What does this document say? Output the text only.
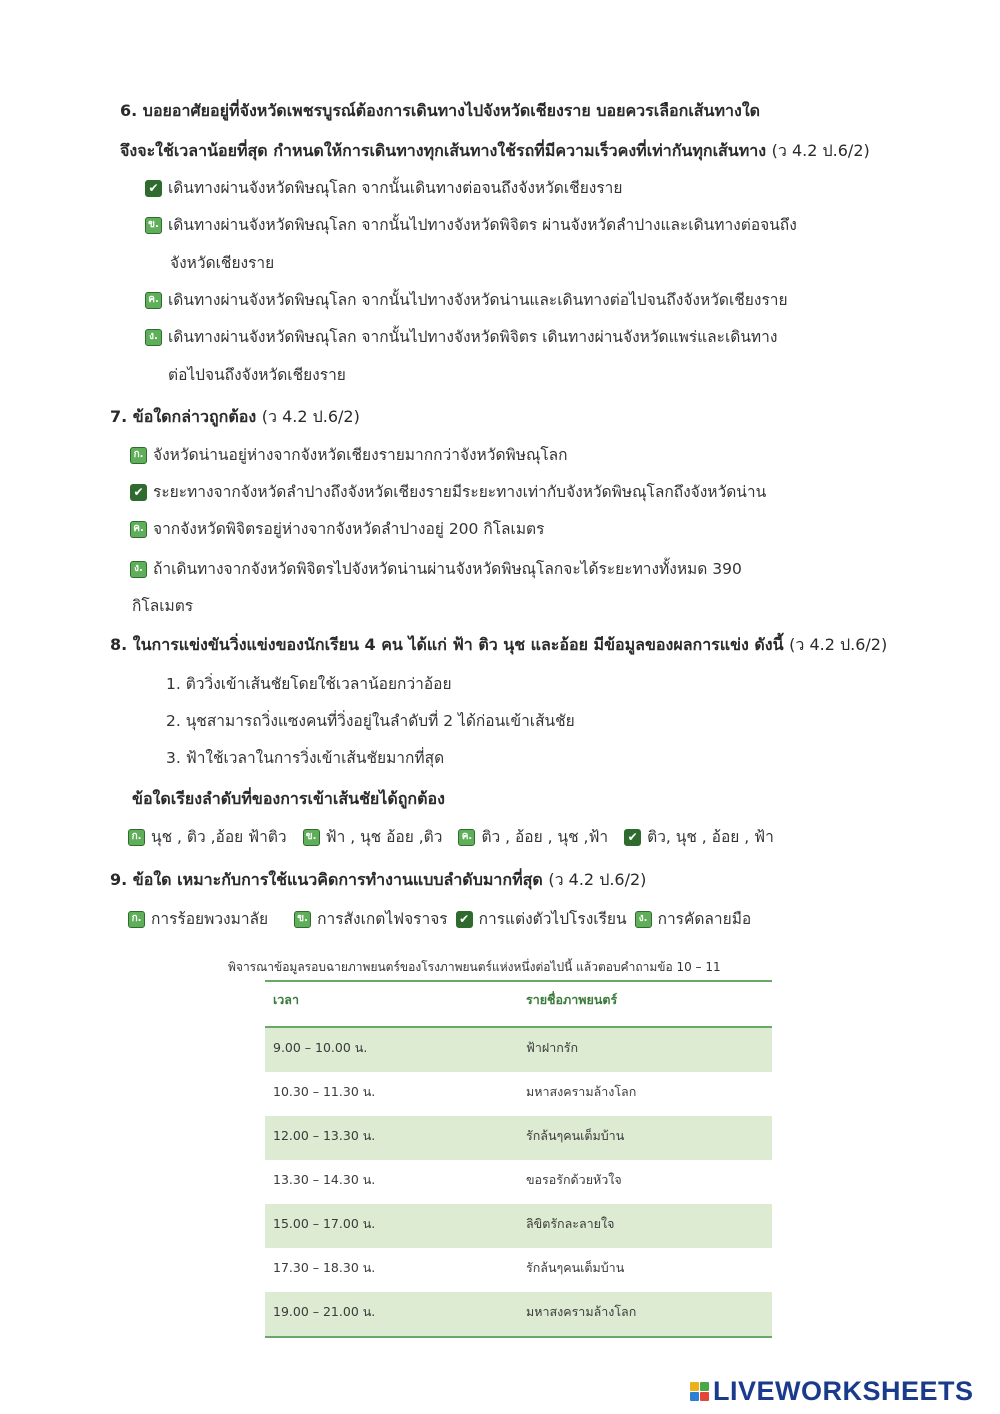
6. บอยอาศัยอยู่ที่จังหวัดเพชรบูรณ์ต้องการเดินทางไปจังหวัดเชียงราย บอยควรเลือกเส้นทางใด
จึงจะใช้เวลาน้อยที่สุด กำหนดให้การเดินทางทุกเส้นทางใช้รถที่มีความเร็วคงที่เท่ากันทุกเส้นทาง (ว 4.2 ป.6/2)
✔ เดินทางผ่านจังหวัดพิษณุโลก จากนั้นเดินทางต่อจนถึงจังหวัดเชียงราย
ข. เดินทางผ่านจังหวัดพิษณุโลก จากนั้นไปทางจังหวัดพิจิตร ผ่านจังหวัดลำปางและเดินทางต่อจนถึง
จังหวัดเชียงราย
ค. เดินทางผ่านจังหวัดพิษณุโลก จากนั้นไปทางจังหวัดน่านและเดินทางต่อไปจนถึงจังหวัดเชียงราย
ง. เดินทางผ่านจังหวัดพิษณุโลก จากนั้นไปทางจังหวัดพิจิตร เดินทางผ่านจังหวัดแพร่และเดินทาง
ต่อไปจนถึงจังหวัดเชียงราย
7. ข้อใดกล่าวถูกต้อง (ว 4.2 ป.6/2)
ก. จังหวัดน่านอยู่ห่างจากจังหวัดเชียงรายมากกว่าจังหวัดพิษณุโลก
✔ ระยะทางจากจังหวัดลำปางถึงจังหวัดเชียงรายมีระยะทางเท่ากับจังหวัดพิษณุโลกถึงจังหวัดน่าน
ค. จากจังหวัดพิจิตรอยู่ห่างจากจังหวัดลำปางอยู่ 200 กิโลเมตร
ง. ถ้าเดินทางจากจังหวัดพิจิตรไปจังหวัดน่านผ่านจังหวัดพิษณุโลกจะได้ระยะทางทั้งหมด 390
กิโลเมตร
8. ในการแข่งขันวิ่งแข่งของนักเรียน 4 คน ได้แก่ ฟ้า ติว นุช และอ้อย มีข้อมูลของผลการแข่ง ดังนี้ (ว 4.2 ป.6/2)
1. ติววิ่งเข้าเส้นชัยโดยใช้เวลาน้อยกว่าอ้อย
2. นุชสามารถวิ่งแซงคนที่วิ่งอยู่ในลำดับที่ 2 ได้ก่อนเข้าเส้นชัย
3. ฟ้าใช้เวลาในการวิ่งเข้าเส้นชัยมากที่สุด
ข้อใดเรียงลำดับที่ของการเข้าเส้นชัยได้ถูกต้อง
ก. นุช , ติว ,อ้อย ฟ้าติว	ข. ฟ้า , นุช อ้อย ,ติว	ค. ติว , อ้อย , นุช ,ฟ้า ✔ ติว, นุช , อ้อย , ฟ้า
9. ข้อใด เหมาะกับการใช้แนวคิดการทำงานแบบลำดับมากที่สุด (ว 4.2 ป.6/2)
ก. การร้อยพวงมาลัย	ข. การสังเกตไฟจราจร ✔ การแต่งตัวไปโรงเรียน	ง. การคัดลายมือ
พิจารณาข้อมูลรอบฉายภาพยนตร์ของโรงภาพยนตร์แห่งหนึ่งต่อไปนี้ แล้วตอบคำถามข้อ 10 – 11
เวลา	รายชื่อภาพยนตร์
9.00 – 10.00 น.	ฟ้าฝากรัก
10.30 – 11.30 น.	มหาสงครามล้างโลก
12.00 – 13.30 น.	รักล้นๆคนเต็มบ้าน
13.30 – 14.30 น.	ขอรอรักด้วยหัวใจ
15.00 – 17.00 น.	ลิขิตรักละลายใจ
17.30 – 18.30 น.	รักล้นๆคนเต็มบ้าน
19.00 – 21.00 น.	มหาสงครามล้างโลก
LIVEWORKSHEETS
